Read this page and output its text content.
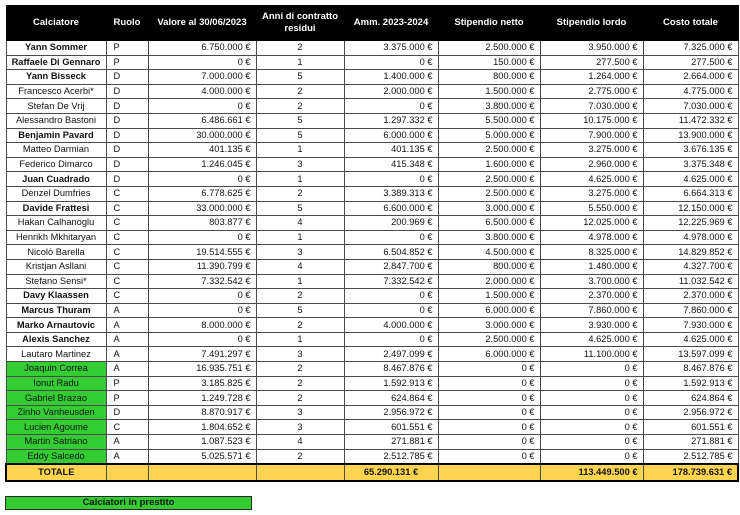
Calciatore	Ruolo	Valore al 30/06/2023	Anni di contratto residui	Amm. 2023-2024	Stipendio netto	Stipendio lordo	Costo totale
Yann Sommer	P	6.750.000 €	2	3.375.000 €	2.500.000 €	3.950.000 €	7.325.000 €
Raffaele Di Gennaro	P	0 €	1	0 €	150.000 €	277.500 €	277.500 €
Yann Bisseck	D	7.000.000 €	5	1.400.000 €	800.000 €	1.264.000 €	2.664.000 €
Francesco Acerbi*	D	4.000.000 €	2	2.000.000 €	1.500.000 €	2.775.000 €	4.775.000 €
Stefan De Vrij	D	0 €	2	0 €	3.800.000 €	7.030.000 €	7.030.000 €
Alessandro Bastoni	D	6.486.661 €	5	1.297.332 €	5.500.000 €	10.175.000 €	11.472.332 €
Benjamin Pavard	D	30.000.000 €	5	6.000.000 €	5.000.000 €	7.900.000 €	13.900.000 €
Matteo Darmian	D	401.135 €	1	401.135 €	2.500.000 €	3.275.000 €	3.676.135 €
Federico Dimarco	D	1.246.045 €	3	415.348 €	1.600.000 €	2.960.000 €	3.375.348 €
Juan Cuadrado	D	0 €	1	0 €	2.500.000 €	4.625.000 €	4.625.000 €
Denzel Dumfries	C	6.778.625 €	2	3.389.313 €	2.500.000 €	3.275.000 €	6.664.313 €
Davide Frattesi	C	33.000.000 €	5	6.600.000 €	3.000.000 €	5.550.000 €	12.150.000 €
Hakan Calhanoglu	C	803.877 €	4	200.969 €	6.500.000 €	12.025.000 €	12.225.969 €
Henrikh Mkhitaryan	C	0 €	1	0 €	3.800.000 €	4.978.000 €	4.978.000 €
Nicolò Barella	C	19.514.555 €	3	6.504.852 €	4.500.000 €	8.325.000 €	14.829.852 €
Kristjan Asllani	C	11.390.799 €	4	2.847.700 €	800.000 €	1.480.000 €	4.327.700 €
Stefano Sensi*	C	7.332.542 €	1	7.332.542 €	2.000.000 €	3.700.000 €	11.032.542 €
Davy Klaassen	C	0 €	2	0 €	1.500.000 €	2.370.000 €	2.370.000 €
Marcus Thuram	A	0 €	5	0 €	6.000.000 €	7.860.000 €	7.860.000 €
Marko Arnautovic	A	8.000.000 €	2	4.000.000 €	3.000.000 €	3.930.000 €	7.930.000 €
Alexis Sanchez	A	0 €	1	0 €	2.500.000 €	4.625.000 €	4.625.000 €
Lautaro Martinez	A	7.491.297 €	3	2.497.099 €	6.000.000 €	11.100.000 €	13.597.099 €
Joaquin Correa	A	16.935.751 €	2	8.467.876 €	0 €	0 €	8.467.876 €
Ionut Radu	P	3.185.825 €	2	1.592.913 €	0 €	0 €	1.592.913 €
Gabriel Brazao	P	1.249.728 €	2	624.864 €	0 €	0 €	624.864 €
Zinho Vanheusden	D	8.870.917 €	3	2.956.972 €	0 €	0 €	2.956.972 €
Lucien Agoume	C	1.804.652 €	3	601.551 €	0 €	0 €	601.551 €
Martin Satriano	A	1.087.523 €	4	271.881 €	0 €	0 €	271.881 €
Eddy Salcedo	A	5.025.571 €	2	2.512.785 €	0 €	0 €	2.512.785 €
TOTALE				65.290.131 €		113.449.500 €	178.739.631 €
Calciatori in prestito
